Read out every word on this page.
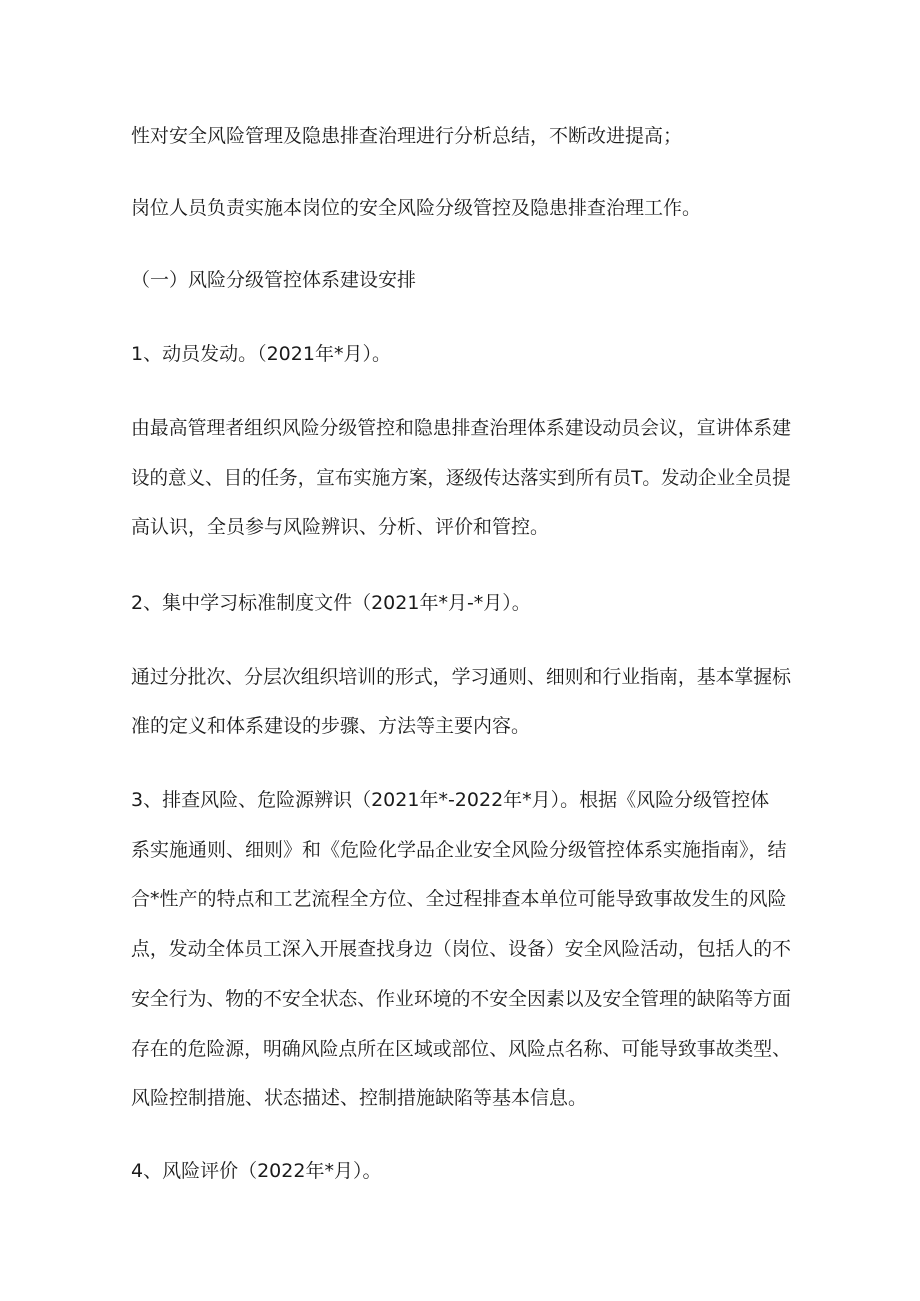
性对安全风险管理及隐患排查治理进行分析总结，不断改进提高；
岗位人员负责实施本岗位的安全风险分级管控及隐患排查治理工作。
（一）风险分级管控体系建设安排
1、动员发动。（2021年*月）。
由最高管理者组织风险分级管控和隐患排查治理体系建设动员会议，宣讲体系建
设的意义、目的任务，宣布实施方案，逐级传达落实到所有员T。发动企业全员提
高认识，全员参与风险辨识、分析、评价和管控。
2、集中学习标准制度文件（2021年*月-*月）。
通过分批次、分层次组织培训的形式，学习通则、细则和行业指南，基本掌握标
准的定义和体系建设的步骤、方法等主要内容。
3、排查风险、危险源辨识（2021年*-2022年*月）。根据《风险分级管控体
系实施通则、细则》和《危险化学品企业安全风险分级管控体系实施指南》，结
合*性产的特点和工艺流程全方位、全过程排查本单位可能导致事故发生的风险
点，发动全体员工深入开展查找身边（岗位、设备）安全风险活动，包括人的不
安全行为、物的不安全状态、作业环境的不安全因素以及安全管理的缺陷等方面
存在的危险源，明确风险点所在区域或部位、风险点名称、可能导致事故类型、
风险控制措施、状态描述、控制措施缺陷等基本信息。
4、风险评价（2022年*月）。
